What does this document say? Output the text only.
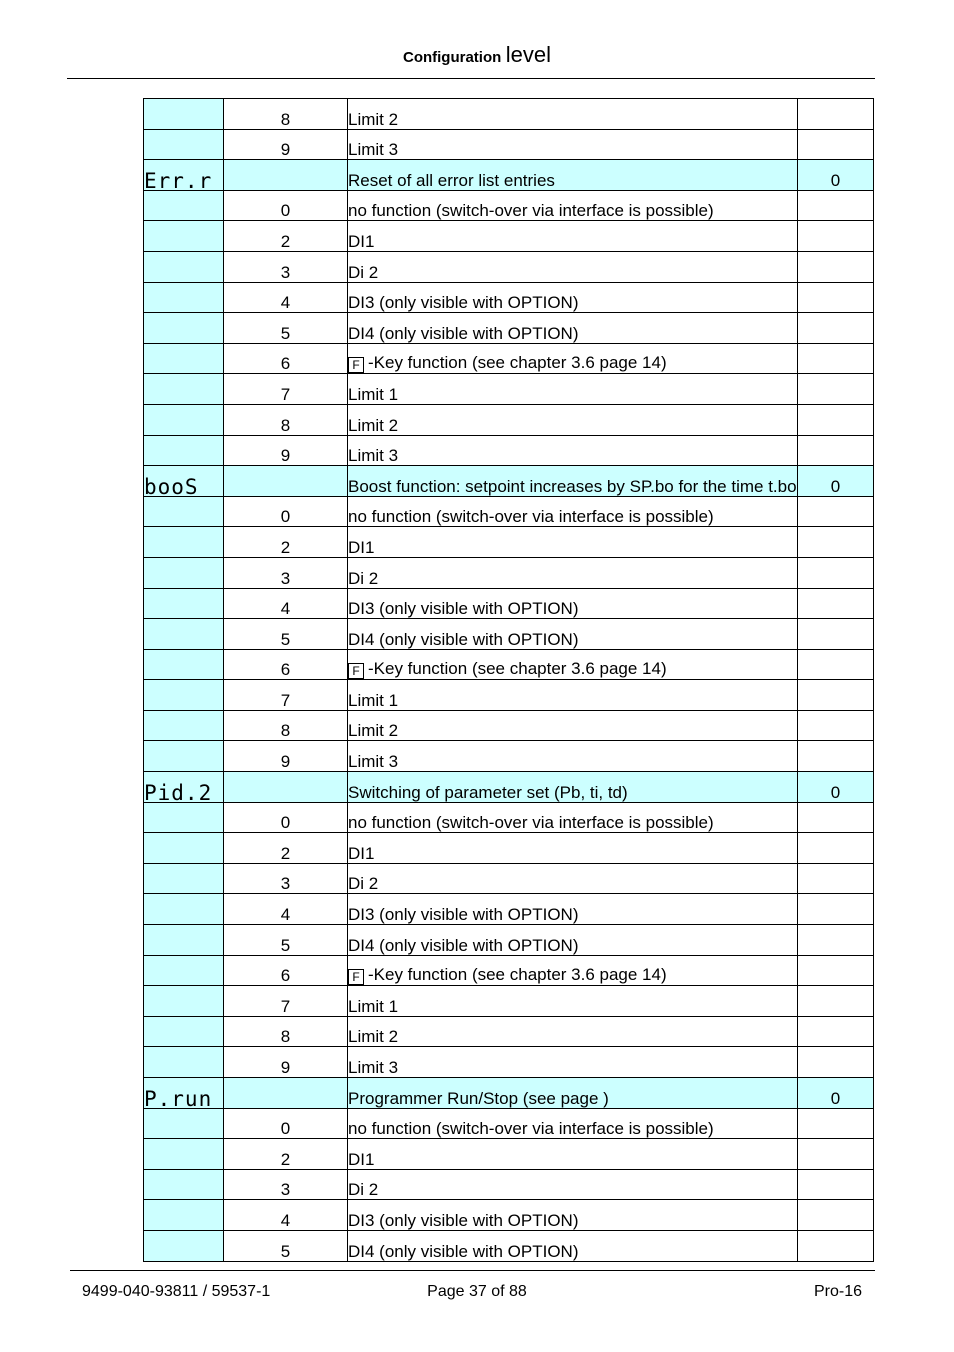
Configuration level
	8	Limit 2	
	9	Limit 3	
Err.r		Reset of all error list entries	0
	0	no function (switch-over via interface is possible)	
	2	DI1	
	3	Di 2	
	4	DI3 (only visible with OPTION)	
	5	DI4 (only visible with OPTION)	
	6	F -Key function (see chapter 3.6 page 14)	
	7	Limit 1	
	8	Limit 2	
	9	Limit 3	
booS		Boost function: setpoint increases by SP.bo for the time t.bo	0
	0	no function (switch-over via interface is possible)	
	2	DI1	
	3	Di 2	
	4	DI3 (only visible with OPTION)	
	5	DI4 (only visible with OPTION)	
	6	F -Key function (see chapter 3.6 page 14)	
	7	Limit 1	
	8	Limit 2	
	9	Limit 3	
Pid.2		Switching of parameter set (Pb, ti, td)	0
	0	no function (switch-over via interface is possible)	
	2	DI1	
	3	Di 2	
	4	DI3 (only visible with OPTION)	
	5	DI4 (only visible with OPTION)	
	6	F -Key function (see chapter 3.6 page 14)	
	7	Limit 1	
	8	Limit 2	
	9	Limit 3	
P.run		Programmer Run/Stop (see page )	0
	0	no function (switch-over via interface is possible)	
	2	DI1	
	3	Di 2	
	4	DI3 (only visible with OPTION)	
	5	DI4 (only visible with OPTION)	
9499-040-93811 / 59537-1	Page 37 of 88	Pro-16
